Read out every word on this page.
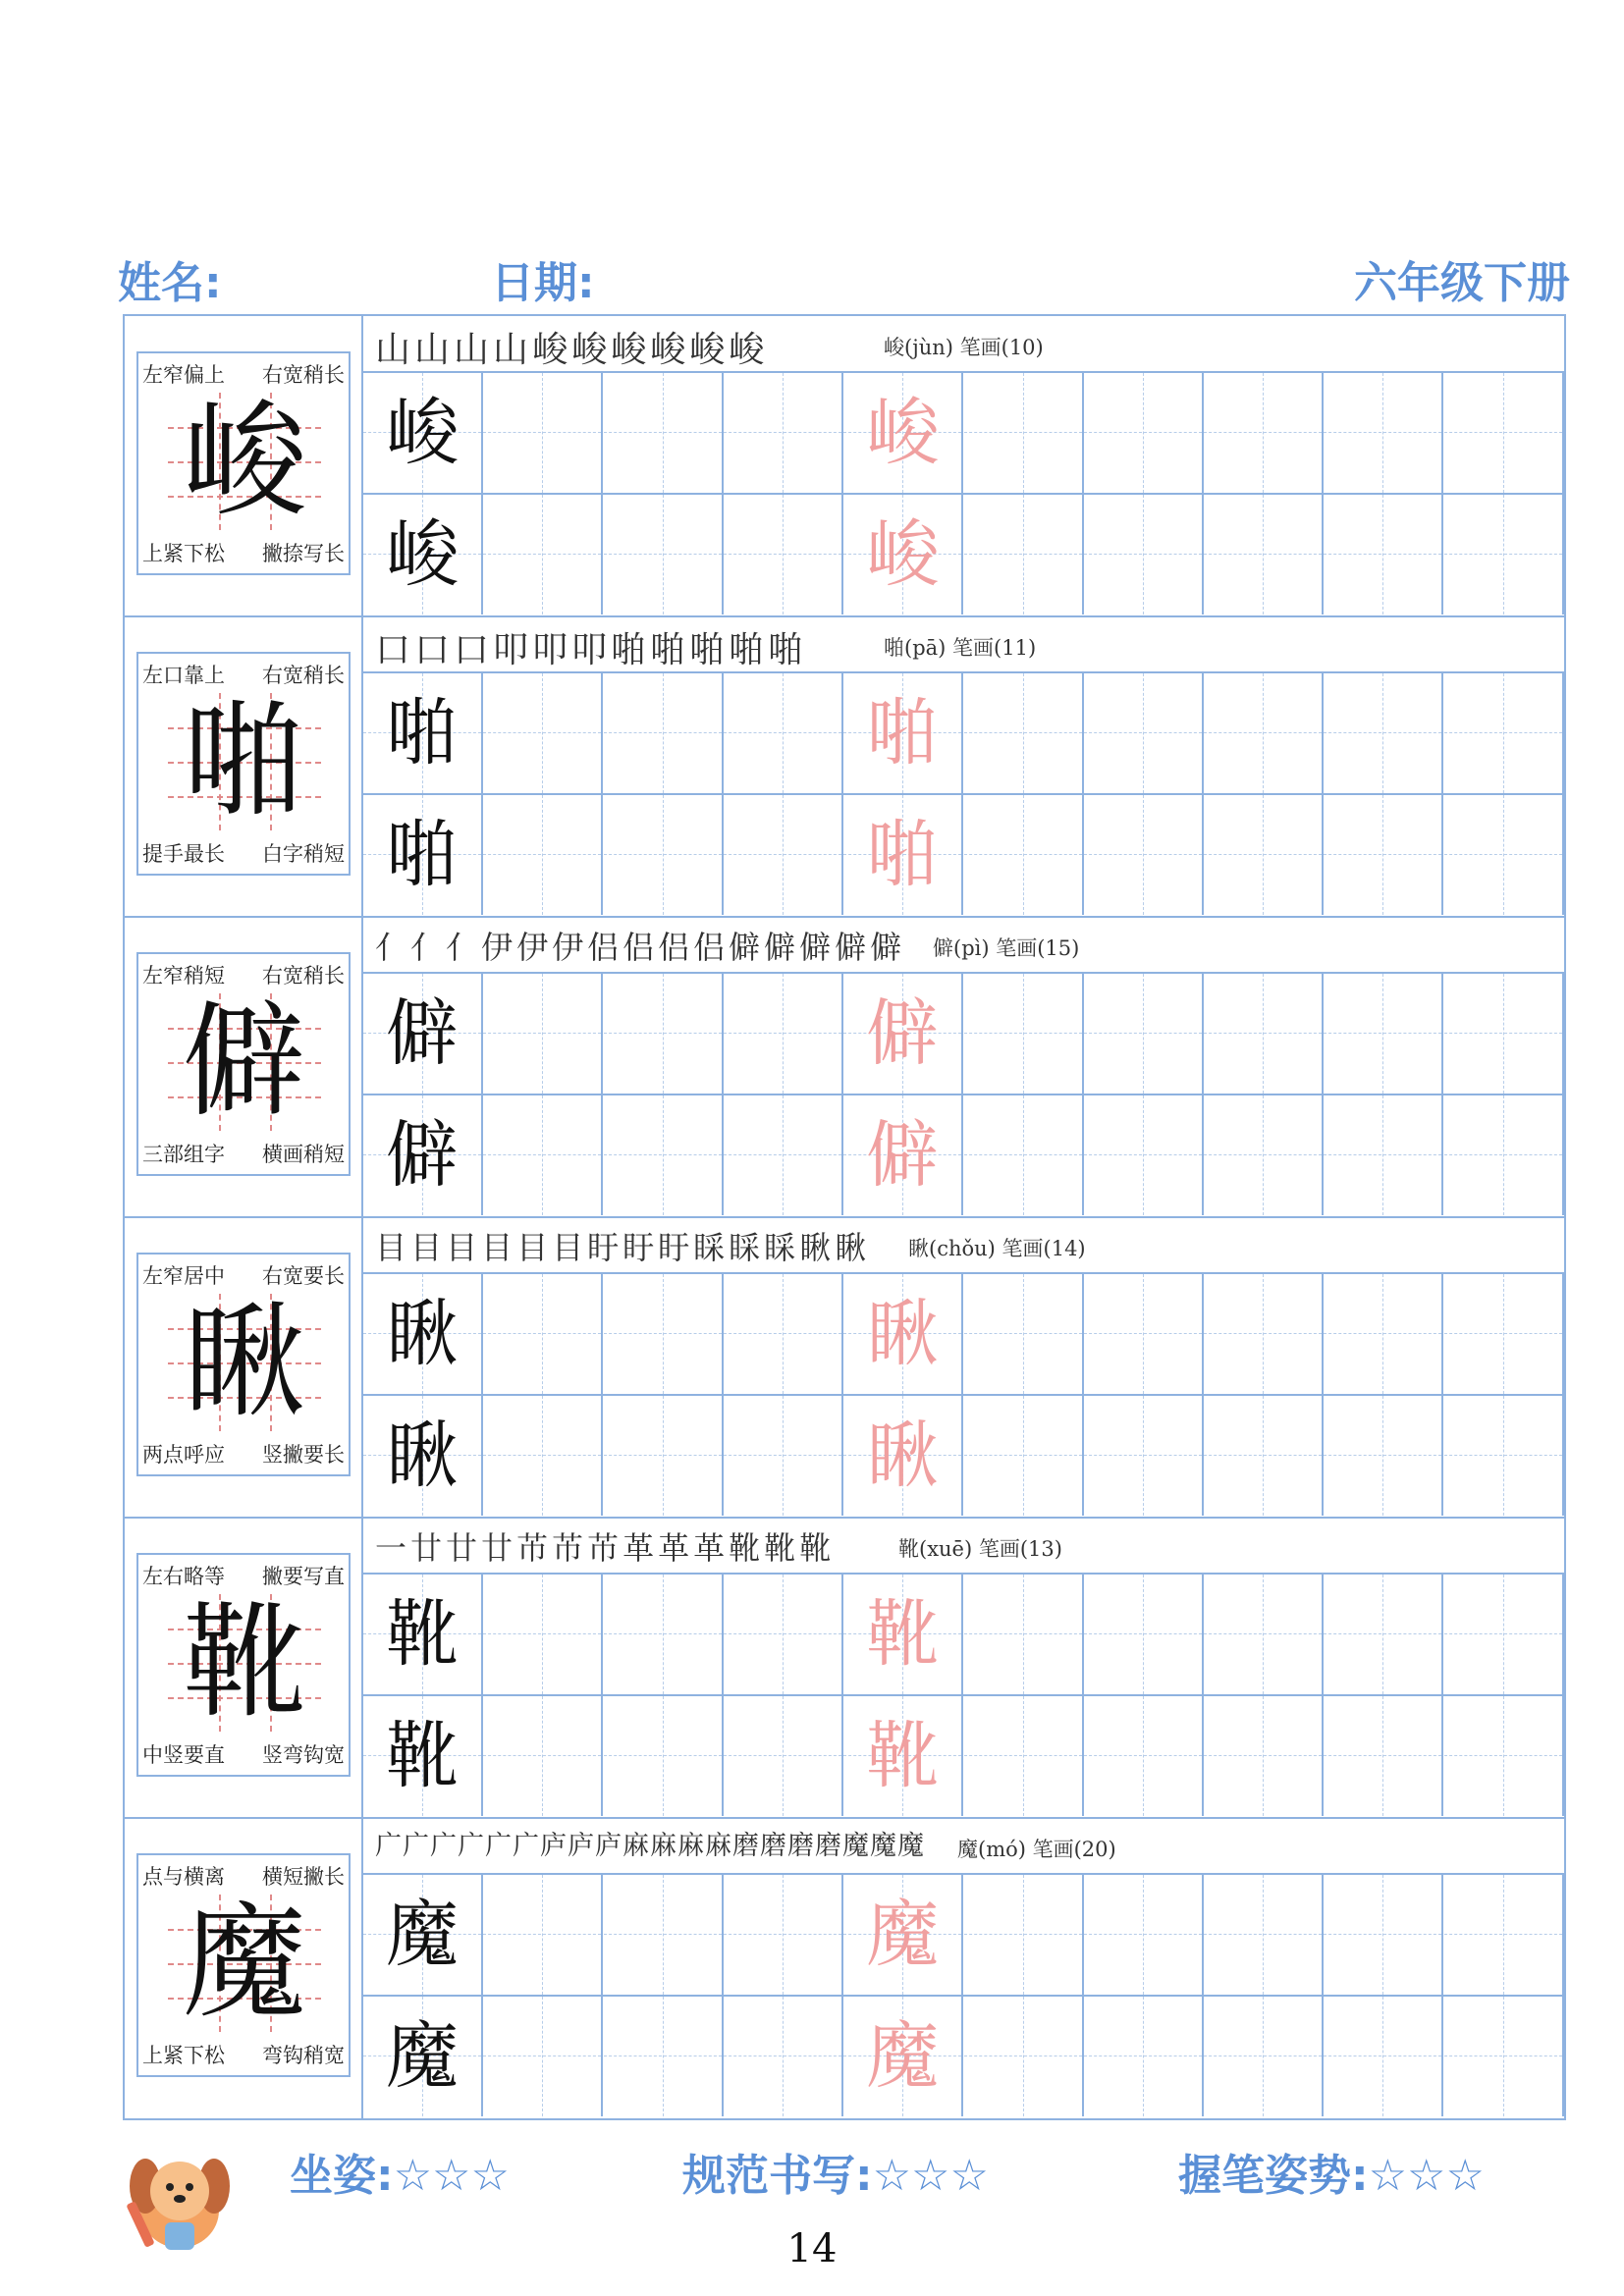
姓名:	日期:	六年级下册
左窄偏上 右宽稍长
上紧下松 撇捺写长
峻
山山山山峻峻峻峻峻峻	峻(jùn) 笔画(10)
峻	峻
峻	峻
左口靠上 右宽稍长
提手最长 白字稍短
啪
口口口叩叩叩啪啪啪啪啪	啪(pā) 笔画(11)
啪	啪
啪	啪
左窄稍短 右宽稍长
三部组字 横画稍短
僻
亻亻亻伊伊伊侣侣侣侣僻僻僻僻僻 僻(pì) 笔画(15)
僻	僻
僻	僻
左窄居中 右宽要长
两点呼应 竖撇要长
瞅
目目目目目目盱盱盱睬睬睬瞅瞅 瞅(chǒu) 笔画(14)
瞅	瞅
瞅	瞅
左右略等 撇要写直
中竖要直 竖弯钩宽
靴
一廿廿廿芇芇芇革革革靴靴靴	靴(xuē) 笔画(13)
靴	靴
靴	靴
点与横离 横短撇长
上紧下松 弯钩稍宽
魔
广广广广广广庐庐庐麻麻麻麻磨磨磨磨魔魔魔 魔(mó) 笔画(20)
魔	魔
魔	魔
坐姿:☆☆☆	规范书写:☆☆☆	握笔姿势:☆☆☆
14
